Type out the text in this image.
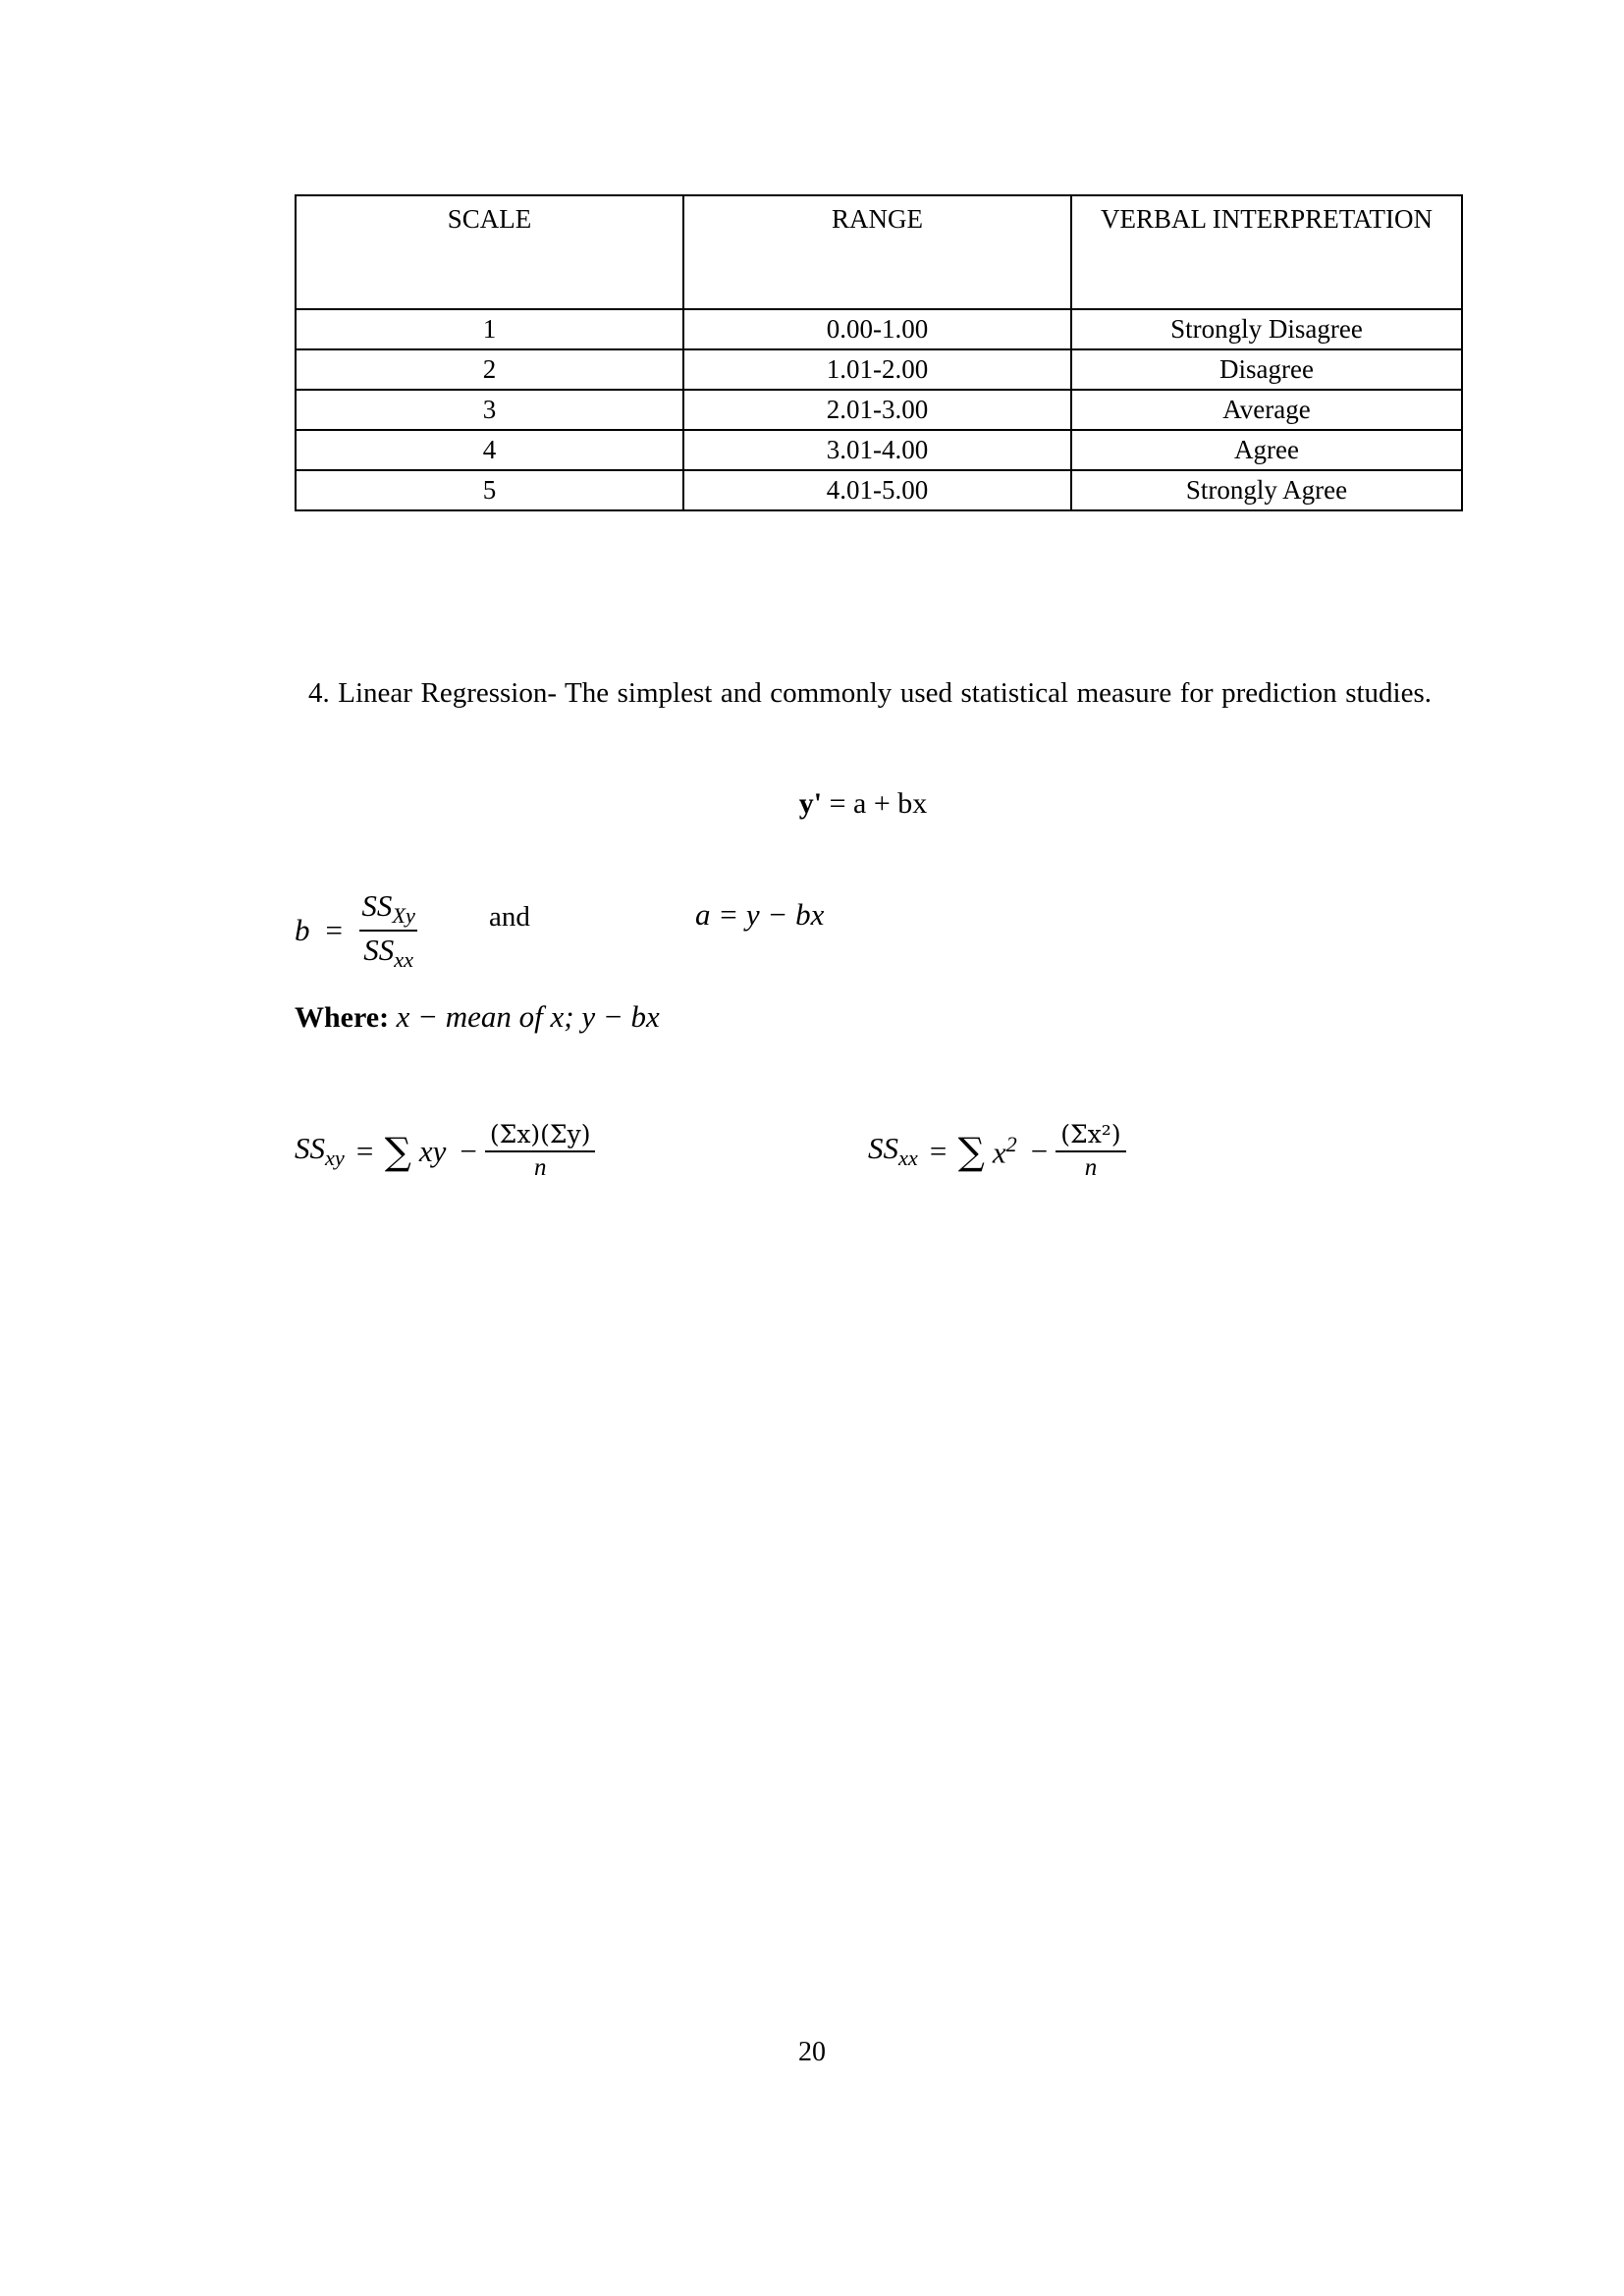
SCALE	RANGE	VERBAL INTERPRETATION
1	0.00-1.00	Strongly Disagree
2	1.01-2.00	Disagree
3	2.01-3.00	Average
4	3.01-4.00	Agree
5	4.01-5.00	Strongly Agree

4. Linear Regression- The simplest and commonly used statistical measure for prediction studies.

y' = a + bx
$b = \frac{SS_{Xy}}{SS_{xx}}$ and	a = y − bx
Where: x − mean of x; y − bx
$SS_{xy}$ = ∑ xy − $\frac{(\Sigma x)(\Sigma y)}{n}$	$SS_{xx}$ = ∑ $x^2 - \frac{\text{(Σx²)}}{n}$
20
